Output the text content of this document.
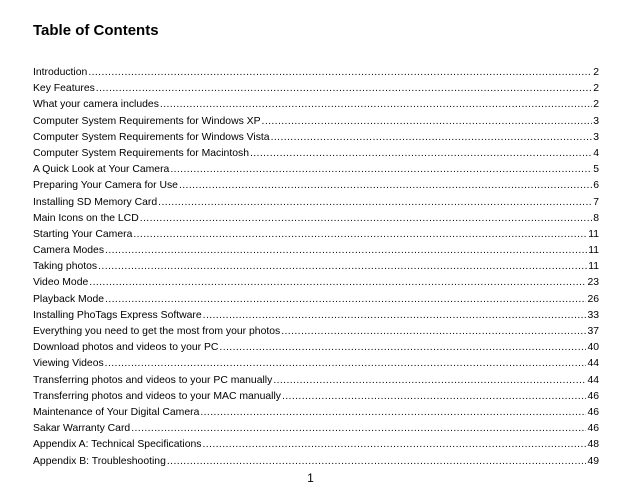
Table of Contents
Introduction .....	2
Key Features .....	2
What your camera includes .....	2
Computer System Requirements for Windows XP .....	3
Computer System Requirements for Windows Vista .....	3
Computer System Requirements for Macintosh .....	4
A Quick Look at Your Camera .....	5
Preparing Your Camera for Use .....	6
Installing SD Memory Card .....	7
Main Icons on the LCD .....	8
Starting Your Camera .....	11
Camera Modes .....	11
Taking photos .....	11
Video Mode .....	23
Playback Mode .....	26
Installing PhoTags Express Software .....	33
Everything you need to get the most from your photos .....	37
Download photos and videos to your PC .....	40
Viewing Videos .....	44
Transferring photos and videos to your PC manually .....	44
Transferring photos and videos to your MAC manually .....	46
Maintenance of Your Digital Camera .....	46
Sakar Warranty Card .....	46
Appendix A: Technical Specifications .....	48
Appendix B: Troubleshooting .....	49
1
